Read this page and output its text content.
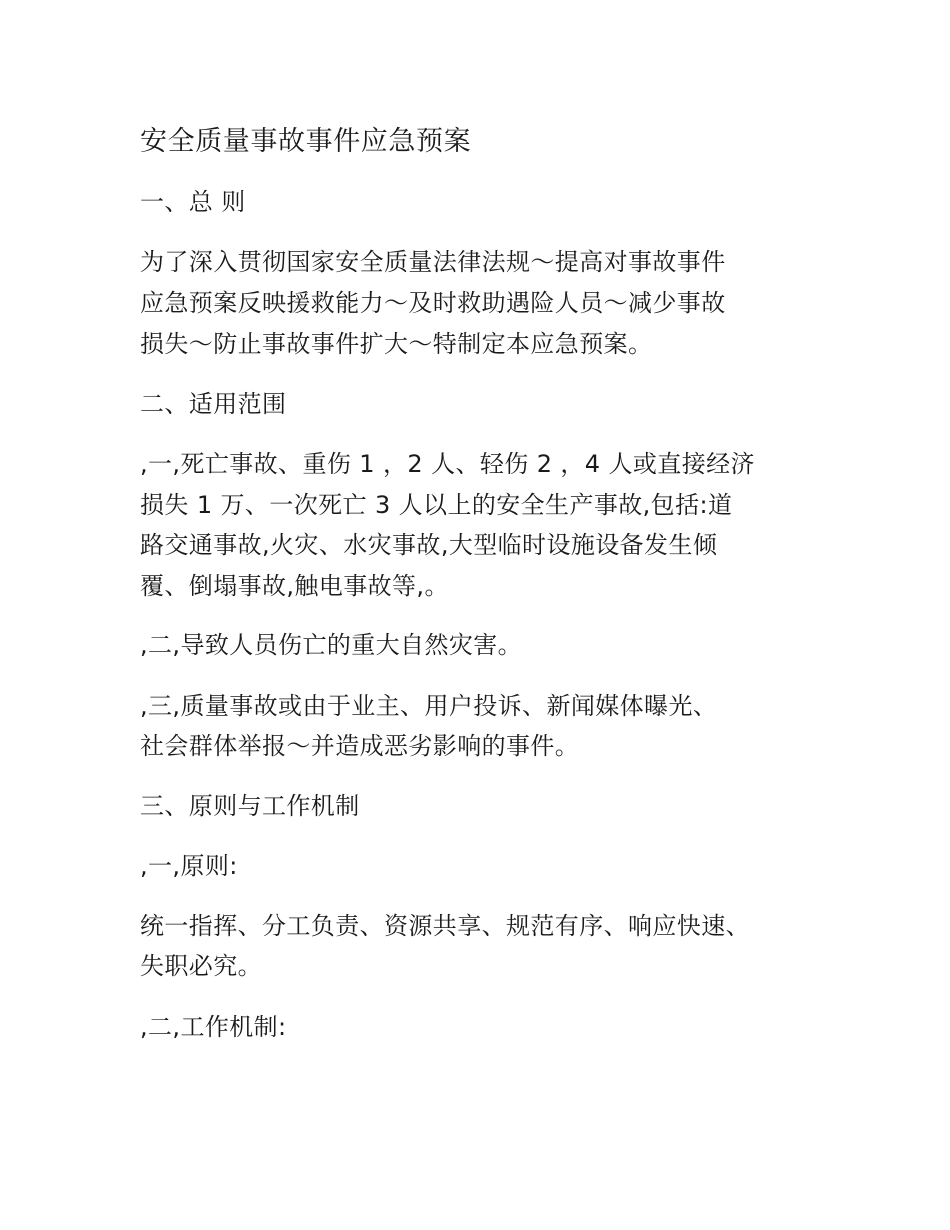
安全质量事故事件应急预案
一、总 则
为了深入贯彻国家安全质量法律法规～提高对事故事件
应急预案反映援救能力～及时救助遇险人员～减少事故
损失～防止事故事件扩大～特制定本应急预案。
二、适用范围
,一,死亡事故、重伤 1 ，2 人、轻伤 2 ，4 人或直接经济
损失 1 万、一次死亡 3 人以上的安全生产事故,包括:道
路交通事故,火灾、水灾事故,大型临时设施设备发生倾
覆、倒塌事故,触电事故等,。
,二,导致人员伤亡的重大自然灾害。
,三,质量事故或由于业主、用户投诉、新闻媒体曝光、
社会群体举报～并造成恶劣影响的事件。
三、原则与工作机制
,一,原则:
统一指挥、分工负责、资源共享、规范有序、响应快速、
失职必究。
,二,工作机制:
